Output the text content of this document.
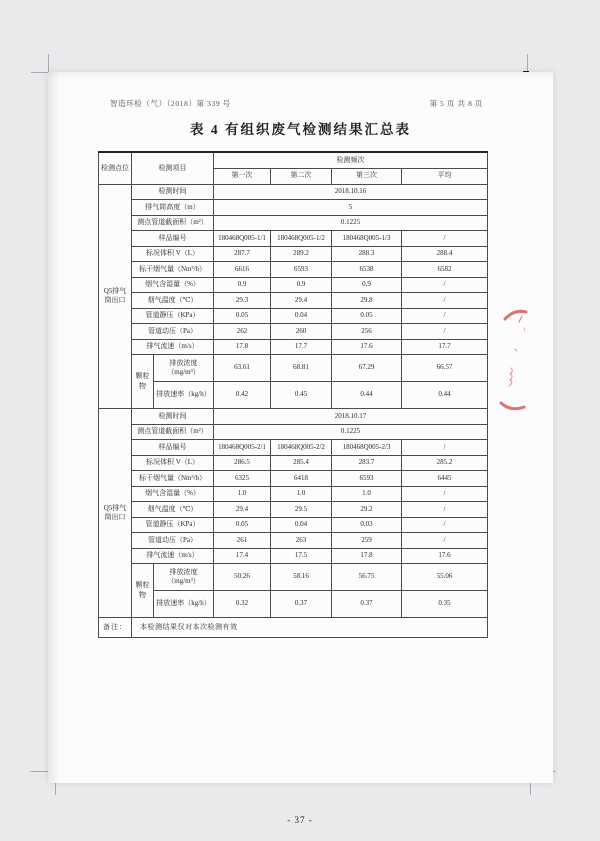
智造环检（气）（2018）第 339 号	第 5 页 共 8 页
表 4 有组织废气检测结果汇总表
检测点位	检测项目		检测频次			
			第一次	第二次	第三次	平均
Q5排气筒出口	检测时间		2018.10.16			
	排气筒高度（m）		5			
	测点管道截面积（m²）		0.1225			
	样品编号		180468Q005-1/1	180468Q005-1/2	180468Q005-1/3	/
	标况体积 V（L）		287.7	289.2	288.3	288.4
	标干烟气量（Nm³/h）		6616	6593	6538	6582
	烟气含湿量（%）		0.9	0.9	0.9	/
	烟气温度（℃）		29.3	29.4	29.8	/
	管道静压（KPa）		0.05	0.04	0.05	/
	管道动压（Pa）		262	260	256	/
	排气流速（m/s）		17.8	17.7	17.6	17.7
	颗粒物	排放浓度（mg/m³）	63.61	68.81	67.29	66.57
		排放速率（kg/h）	0.42	0.45	0.44	0.44
Q5排气筒出口	检测时间		2018.10.17			
	测点管道截面积（m²）		0.1225			
	样品编号		180468Q005-2/1	180468Q005-2/2	180468Q005-2/3	/
	标况体积 V（L）		286.5	285.4	283.7	285.2
	标干烟气量（Nm³/h）		6325	6418	6593	6445
	烟气含湿量（%）		1.0	1.0	1.0	/
	烟气温度（℃）		29.4	29.5	29.2	/
	管道静压（KPa）		0.05	0.04	0.03	/
	管道动压（Pa）		261	263	259	/
	排气流速（m/s）		17.4	17.5	17.8	17.6
	颗粒物	排放浓度（mg/m³）	50.26	58.16	56.75	55.06
		排放速率（kg/h）	0.32	0.37	0.37	0.35
备注：	本检测结果仅对本次检测有效					
- 37 -
